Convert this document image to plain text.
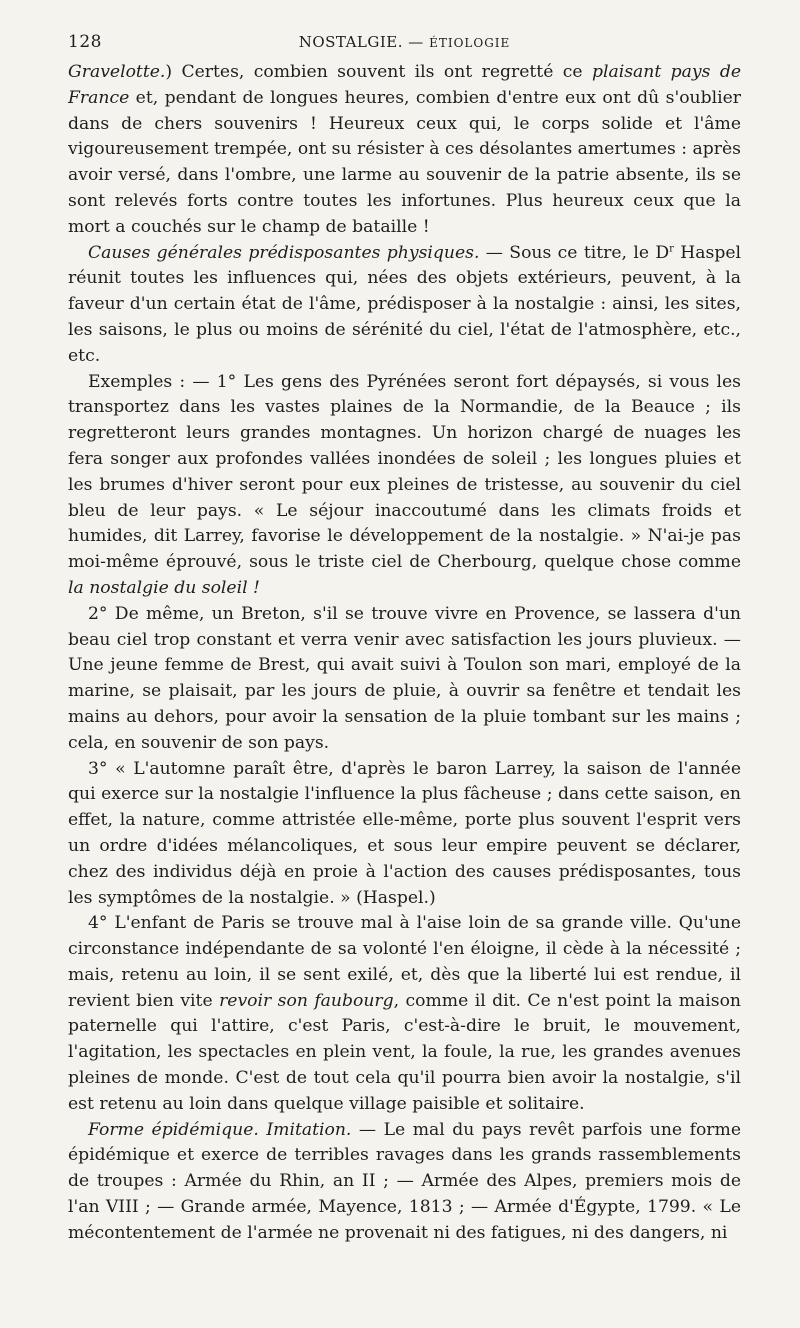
128	NOSTALGIE. — ÉTIOLOGIE

Gravelotte.) Certes, combien souvent ils ont regretté ce plaisant pays de France et, pendant de longues heures, combien d'entre eux ont dû s'oublier dans de chers souvenirs ! Heureux ceux qui, le corps solide et l'âme vigoureusement trempée, ont su résister à ces désolantes amertumes : après avoir versé, dans l'ombre, une larme au souvenir de la patrie absente, ils se sont relevés forts contre toutes les infortunes. Plus heureux ceux que la mort a couchés sur le champ de bataille !

Causes générales prédisposantes physiques. — Sous ce titre, le $D^r$ Haspel réunit toutes les influences qui, nées des objets extérieurs, peuvent, à la faveur d'un certain état de l'âme, prédisposer à la nostalgie : ainsi, les sites, les saisons, le plus ou moins de sérénité du ciel, l'état de l'atmosphère, etc., etc.

Exemples : — 1° Les gens des Pyrénées seront fort dépaysés, si vous les transportez dans les vastes plaines de la Normandie, de la Beauce ; ils regretteront leurs grandes montagnes. Un horizon chargé de nuages les fera songer aux profondes vallées inondées de soleil ; les longues pluies et les brumes d'hiver seront pour eux pleines de tristesse, au souvenir du ciel bleu de leur pays. « Le séjour inaccoutumé dans les climats froids et humides, dit Larrey, favorise le développement de la nostalgie. » N'ai-je pas moi-même éprouvé, sous le triste ciel de Cherbourg, quelque chose comme la nostalgie du soleil !

2° De même, un Breton, s'il se trouve vivre en Provence, se lassera d'un beau ciel trop constant et verra venir avec satisfaction les jours pluvieux. — Une jeune femme de Brest, qui avait suivi à Toulon son mari, employé de la marine, se plaisait, par les jours de pluie, à ouvrir sa fenêtre et tendait les mains au dehors, pour avoir la sensation de la pluie tombant sur les mains ; cela, en souvenir de son pays.

3° « L'automne paraît être, d'après le baron Larrey, la saison de l'année qui exerce sur la nostalgie l'influence la plus fâcheuse ; dans cette saison, en effet, la nature, comme attristée elle-même, porte plus souvent l'esprit vers un ordre d'idées mélancoliques, et sous leur empire peuvent se déclarer, chez des individus déjà en proie à l'action des causes prédisposantes, tous les symptômes de la nostalgie. » (Haspel.)

4° L'enfant de Paris se trouve mal à l'aise loin de sa grande ville. Qu'une circonstance indépendante de sa volonté l'en éloigne, il cède à la nécessité ; mais, retenu au loin, il se sent exilé, et, dès que la liberté lui est rendue, il revient bien vite revoir son faubourg, comme il dit. Ce n'est point la maison paternelle qui l'attire, c'est Paris, c'est-à-dire le bruit, le mouvement, l'agitation, les spectacles en plein vent, la foule, la rue, les grandes avenues pleines de monde. C'est de tout cela qu'il pourra bien avoir la nostalgie, s'il est retenu au loin dans quelque village paisible et solitaire.

Forme épidémique. Imitation. — Le mal du pays revêt parfois une forme épidémique et exerce de terribles ravages dans les grands rassemblements de troupes : Armée du Rhin, an II ; — Armée des Alpes, premiers mois de l'an VIII ; — Grande armée, Mayence, 1813 ; — Armée d'Égypte, 1799. « Le mécontentement de l'armée ne provenait ni des fatigues, ni des dangers, ni
